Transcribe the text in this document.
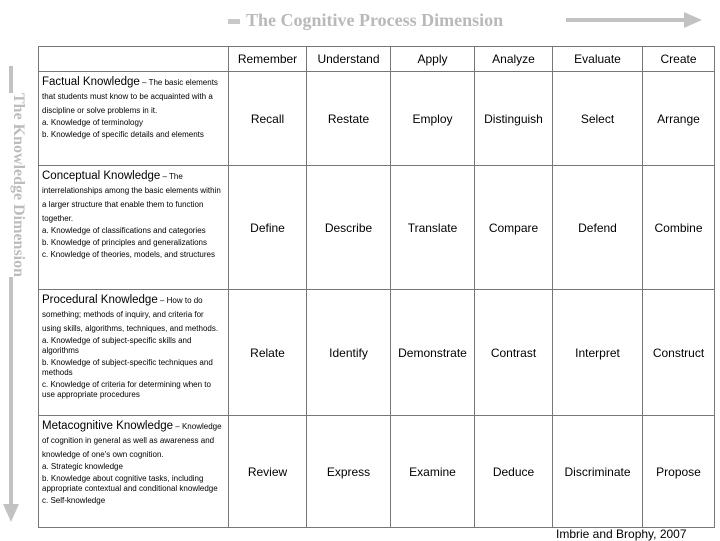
The Cognitive Process Dimension
The Knowledge Dimension
	Remember	Understand	Apply	Analyze	Evaluate	Create
Factual Knowledge – The basic elements that students must know to be acquainted with a discipline or solve problems in it.
a. Knowledge of terminology
b. Knowledge of specific details and elements	Recall	Restate	Employ	Distinguish	Select	Arrange
Conceptual Knowledge – The interrelationships among the basic elements within a larger structure that enable them to function together.
a. Knowledge of classifications and categories
b. Knowledge of principles and generalizations
c. Knowledge of theories, models, and structures	Define	Describe	Translate	Compare	Defend	Combine
Procedural Knowledge – How to do something; methods of inquiry, and criteria for using skills, algorithms, techniques, and methods.
a. Knowledge of subject-specific skills and algorithms
b. Knowledge of subject-specific techniques and methods
c. Knowledge of criteria for determining when to use appropriate procedures	Relate	Identify	Demonstrate	Contrast	Interpret	Construct
Metacognitive Knowledge – Knowledge of cognition in general as well as awareness and knowledge of one's own cognition.
a. Strategic knowledge
b. Knowledge about cognitive tasks, including appropriate contextual and conditional knowledge
c. Self-knowledge	Review	Express	Examine	Deduce	Discriminate	Propose
Imbrie and Brophy, 2007
